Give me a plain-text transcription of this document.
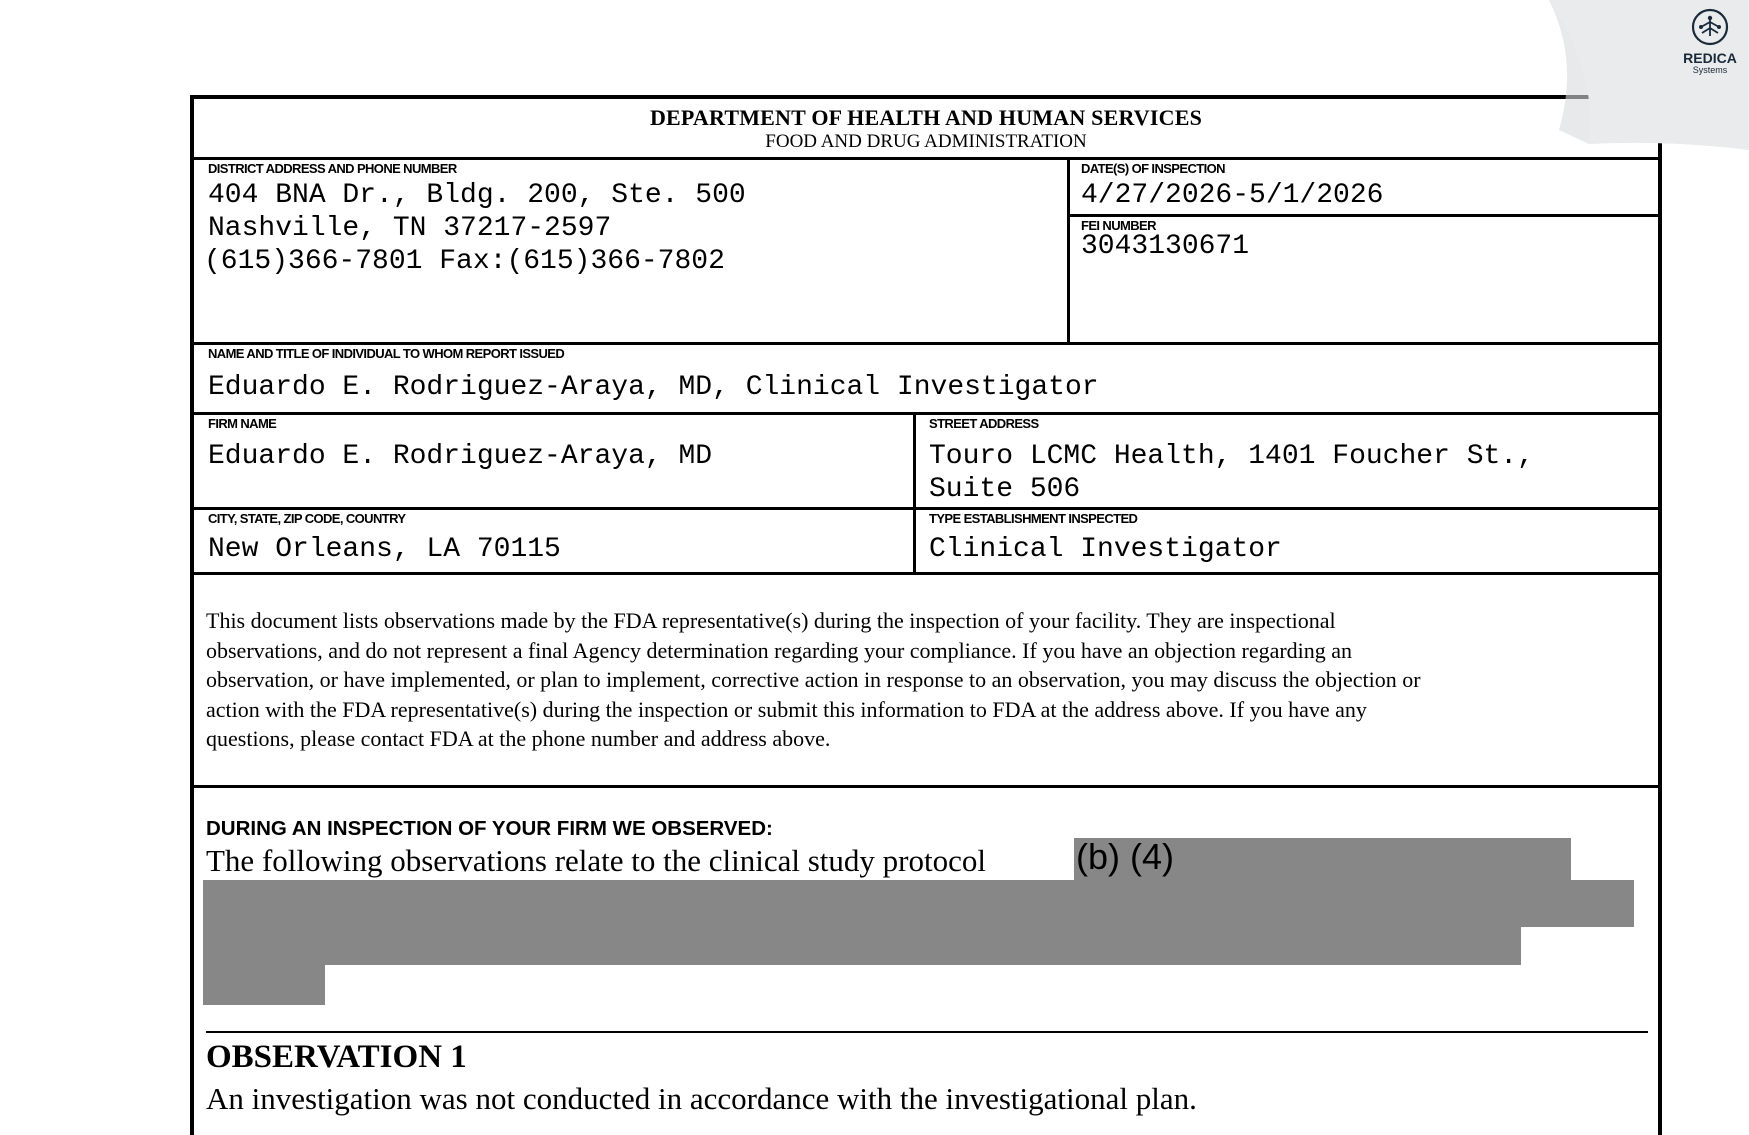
DEPARTMENT OF HEALTH AND HUMAN SERVICES
FOOD AND DRUG ADMINISTRATION
DISTRICT ADDRESS AND PHONE NUMBER
404 BNA Dr., Bldg. 200, Ste. 500
Nashville, TN 37217-2597
(615)366-7801 Fax:(615)366-7802
DATE(S) OF INSPECTION
4/27/2026-5/1/2026
FEI NUMBER
3043130671
NAME AND TITLE OF INDIVIDUAL TO WHOM REPORT ISSUED
Eduardo E. Rodriguez-Araya, MD, Clinical Investigator
FIRM NAME
Eduardo E. Rodriguez-Araya, MD
STREET ADDRESS
Touro LCMC Health, 1401 Foucher St.,
Suite 506
CITY, STATE, ZIP CODE, COUNTRY
New Orleans, LA 70115
TYPE ESTABLISHMENT INSPECTED
Clinical Investigator
This document lists observations made by the FDA representative(s) during the inspection of your facility. They are inspectional
observations, and do not represent a final Agency determination regarding your compliance. If you have an objection regarding an
observation, or have implemented, or plan to implement, corrective action in response to an observation, you may discuss the objection or
action with the FDA representative(s) during the inspection or submit this information to FDA at the address above. If you have any
questions, please contact FDA at the phone number and address above.
DURING AN INSPECTION OF YOUR FIRM WE OBSERVED:
The following observations relate to the clinical study protocol	(b) (4)
OBSERVATION 1
An investigation was not conducted in accordance with the investigational plan.
REDICA
Systems
